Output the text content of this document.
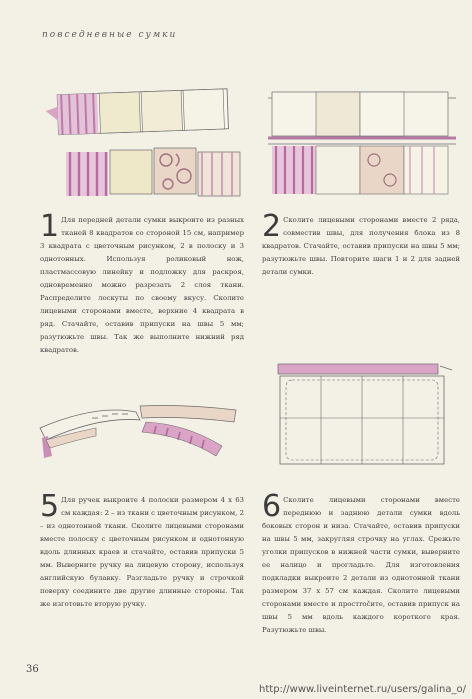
повседневные сумки
1 Для передней детали сумки выкроите из разных тканей 8 квадратов со стороной 15 см, например 3 квадрата с цветочным рисунком, 2 в полоску и 3 однотонных. Используя роликовый нож, пластмассовую линейку и подложку для раскроя, одновременно можно разрезать 2 слоя ткани. Распределите лоскуты по своему вкусу. Сколите лицевыми сторонами вместе, верхние 4 квадрата в ряд. Стачайте, оставив припуски на швы 5 мм; разутюжьте швы. Так же выполните нижний ряд квадратов.
2 Сколите лицевыми сторонами вместе 2 ряда, совместив швы, для получения блока из 8 квадратов. Стачайте, оставив припуски на швы 5 мм; разутюжьте швы. Повторите шаги 1 и 2 для задней детали сумки.
5 Для ручек выкроите 4 полоски размером 4 х 63 см каждая: 2 – из ткани с цветочным рисунком, 2 – из однотонной ткани. Сколите лицевыми сторонами вместе полоску с цветочным рисунком и однотонную вдоль длинных краев и стачайте, оставив припуски 5 мм. Выверните ручку на лицевую сторону, используя английскую булавку. Разгладьте ручку и строчкой поверху соедините две другие длинные стороны. Так же изготовьте вторую ручку.
6 Сколите лицевыми сторонами вместе переднюю и заднюю детали сумки вдоль боковых сторон и низа. Стачайте, оставив припуски на швы 5 мм, закругляя строчку на углах. Срежьте уголки припусков в нижней части сумки, выверните ее налицо и прогладьте. Для изготовления подкладки выкроите 2 детали из однотонной ткани размером 37 х 57 см каждая. Сколите лицевыми сторонами вместе и простročите, оставив припуск на швы 5 мм вдоль каждого короткого края. Разутюжьте швы.
36
http://www.liveinternet.ru/users/galina_o/
